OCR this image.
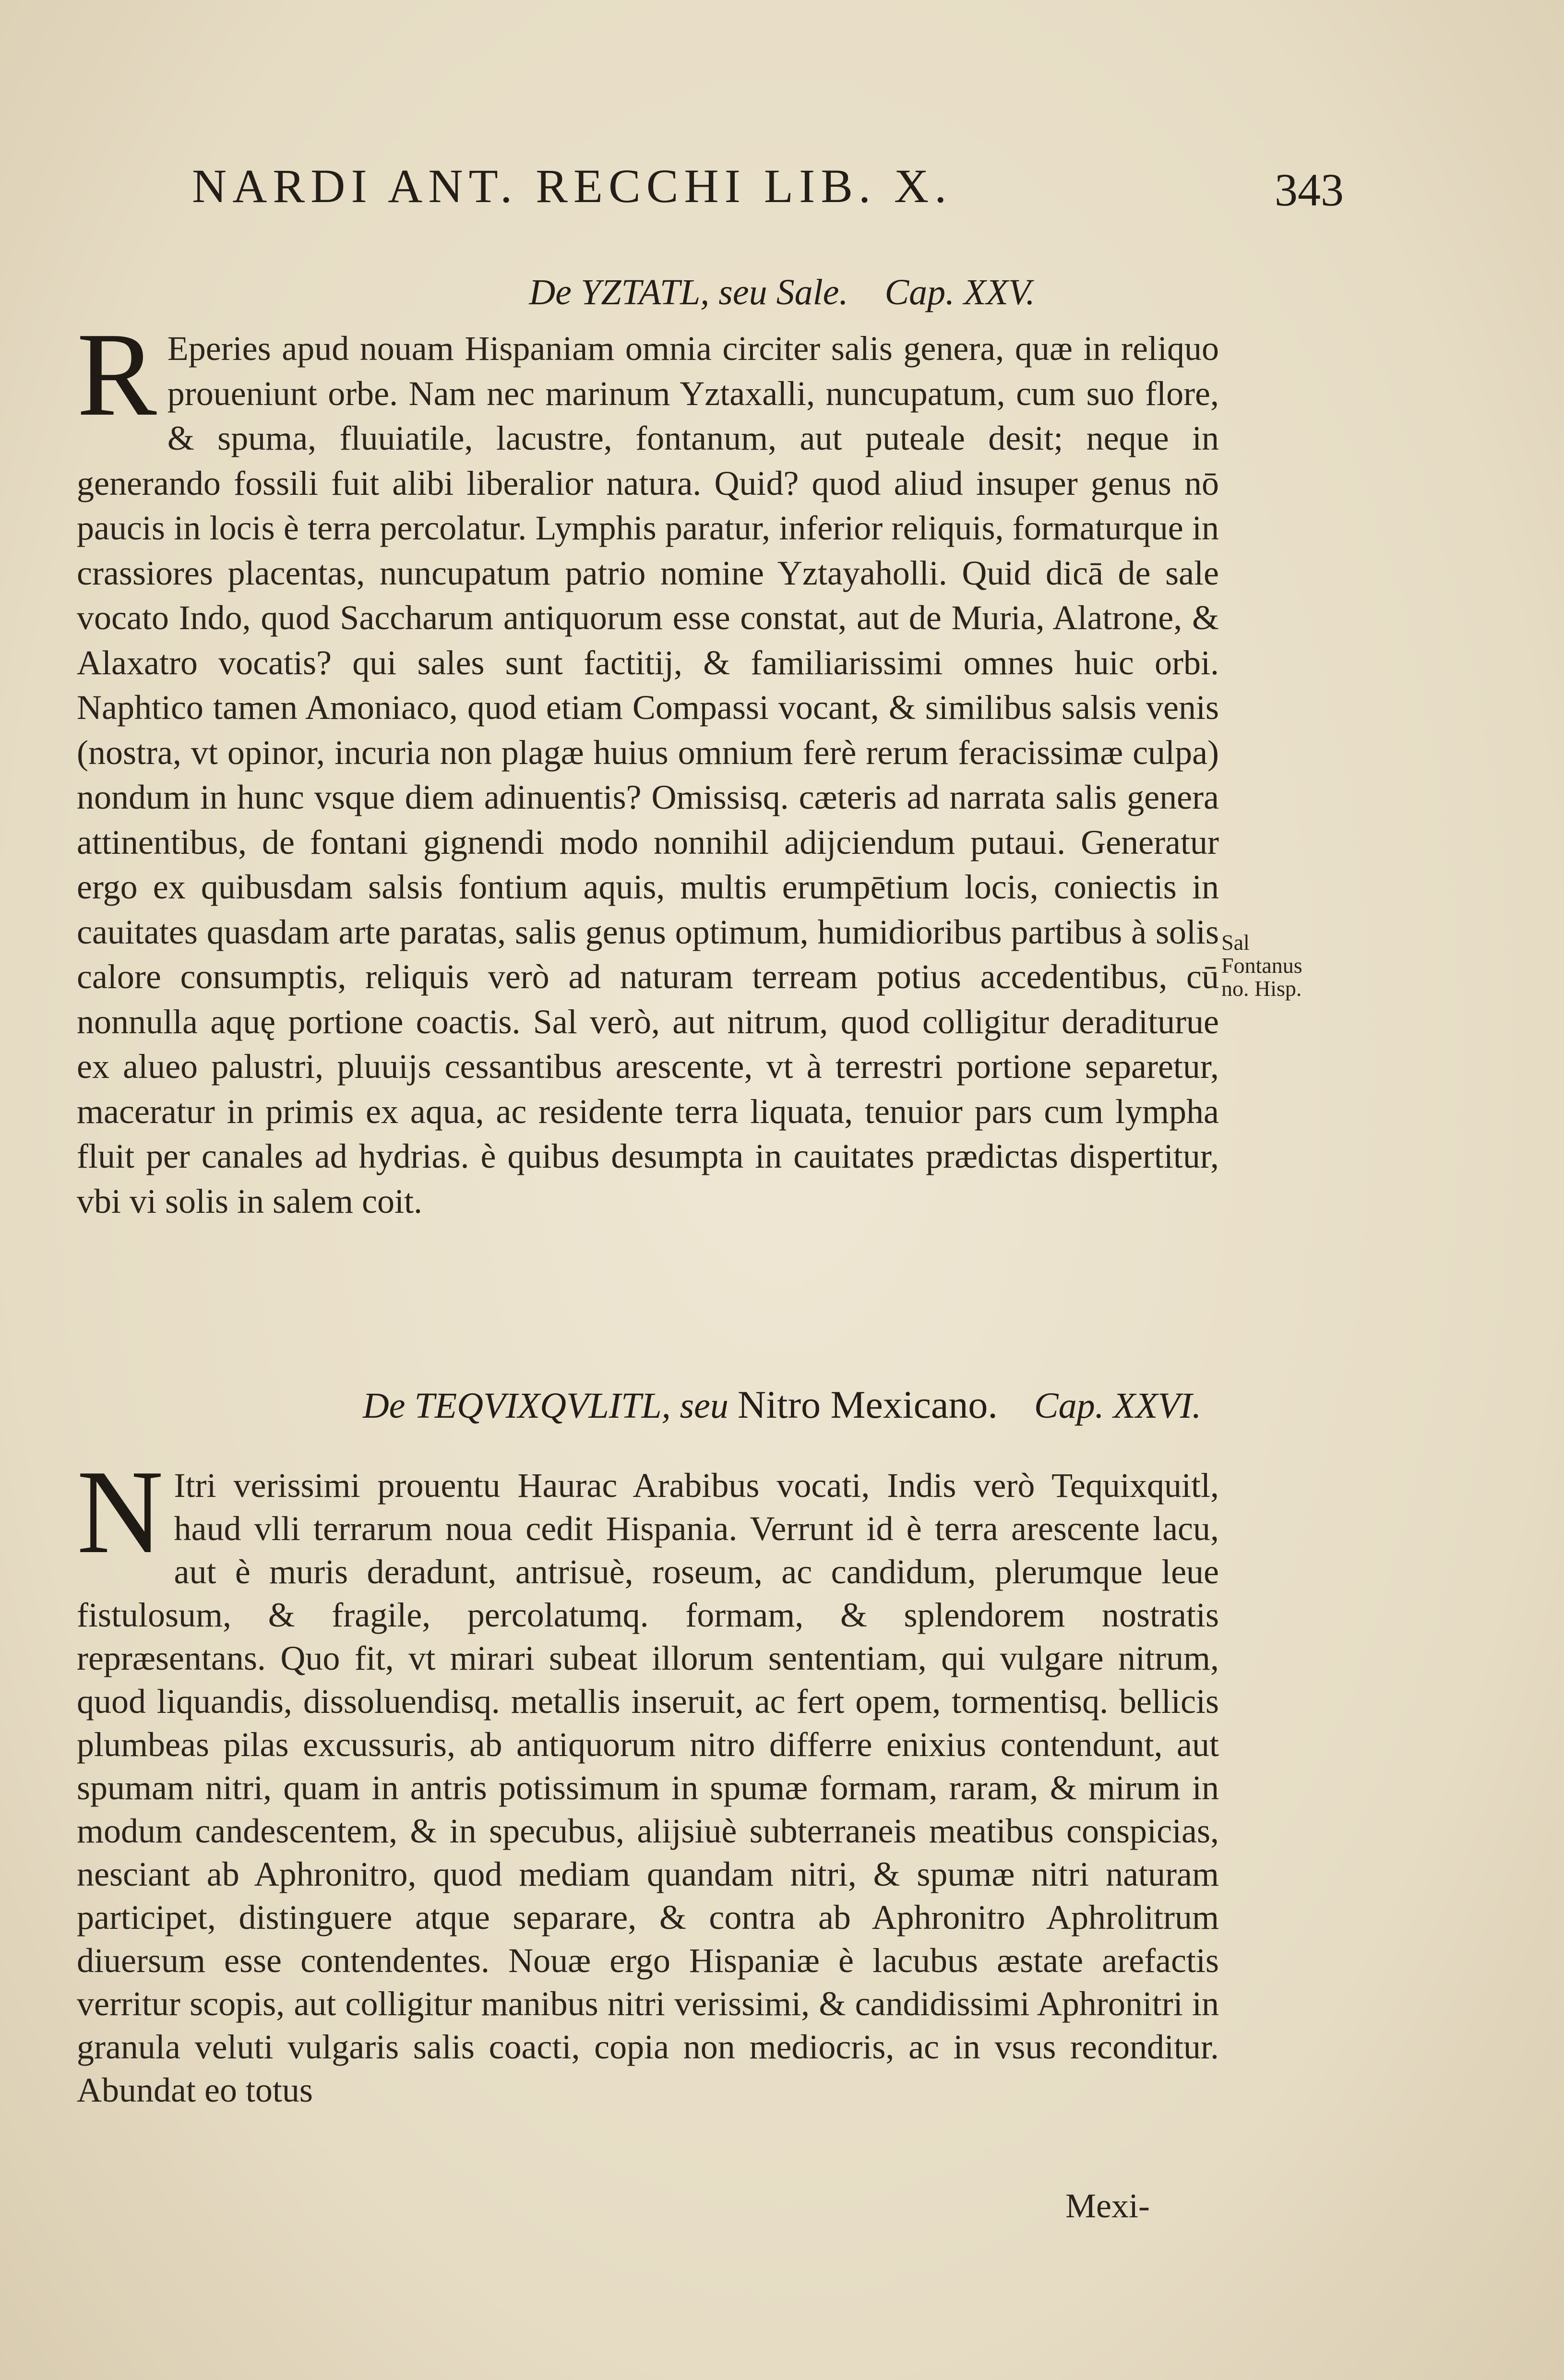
NARDI ANT. RECCHI LIB. X.	343
De YZTATL, seu Sale. Cap. XXV.
R Eperies apud nouam Hispaniam omnia circiter salis genera, quæ in reliquo proueniunt orbe. Nam nec marinum Yztaxalli, nuncupatum, cum suo flore, & spuma, fluuiatile, lacustre, fontanum, aut puteale desit; neque in generando fossili fuit alibi liberalior natura. Quid? quod aliud insuper genus nō paucis in locis è terra percolatur. Lymphis paratur, inferior reliquis, formaturque in crassiores placentas, nuncupatum patrio nomine Yztayaholli. Quid dicā de sale vocato Indo, quod Saccharum antiquorum esse constat, aut de Muria, Alatrone, & Alaxatro vocatis? qui sales sunt factitij, & familiarissimi omnes huic orbi. Naphtico tamen Amoniaco, quod etiam Compassi vocant, & similibus salsis venis (nostra, vt opinor, incuria non plagæ huius omnium ferè rerum feracissimæ culpa) nondum in hunc vsque diem adinuentis? Omissisq. cæteris ad narrata salis genera attinentibus, de fontani gignendi modo nonnihil adijciendum putaui. Generatur ergo ex quibusdam salsis fontium aquis, multis erumpētium locis, coniectis in cauitates quasdam arte paratas, salis genus optimum, humidioribus partibus à solis calore consumptis, reliquis verò ad naturam terream potius accedentibus, cū nonnulla aquę portione coactis. Sal verò, aut nitrum, quod colligitur deraditurue ex alueo palustri, pluuijs cessantibus arescente, vt à terrestri portione separetur, maceratur in primis ex aqua, ac residente terra liquata, tenuior pars cum lympha fluit per canales ad hydrias. è quibus desumpta in cauitates prædictas dispertitur, vbi vi solis in salem coit.
Sal Fontanus no. Hisp.
De TEQVIXQVLITL, seu Nitro Mexicano. Cap. XXVI.
N Itri verissimi prouentu Haurac Arabibus vocati, Indis verò Tequixquitl, haud vlli terrarum noua cedit Hispania. Verrunt id è terra arescente lacu, aut è muris deradunt, antrisuè, roseum, ac candidum, plerumque leue fistulosum, & fragile, percolatumq. formam, & splendorem nostratis repræsentans. Quo fit, vt mirari subeat illorum sententiam, qui vulgare nitrum, quod liquandis, dissoluendisq. metallis inseruit, ac fert opem, tormentisq. bellicis plumbeas pilas excussuris, ab antiquorum nitro differre enixius contendunt, aut spumam nitri, quam in antris potissimum in spumæ formam, raram, & mirum in modum candescentem, & in specubus, alijsiuè subterraneis meatibus conspicias, nesciant ab Aphronitro, quod mediam quandam nitri, & spumæ nitri naturam participet, distinguere atque separare, & contra ab Aphronitro Aphrolitrum diuersum esse contendentes. Nouæ ergo Hispaniæ è lacubus æstate arefactis verritur scopis, aut colligitur manibus nitri verissimi, & candidissimi Aphronitri in granula veluti vulgaris salis coacti, copia non mediocris, ac in vsus reconditur. Abundat eo totus
Mexi-
